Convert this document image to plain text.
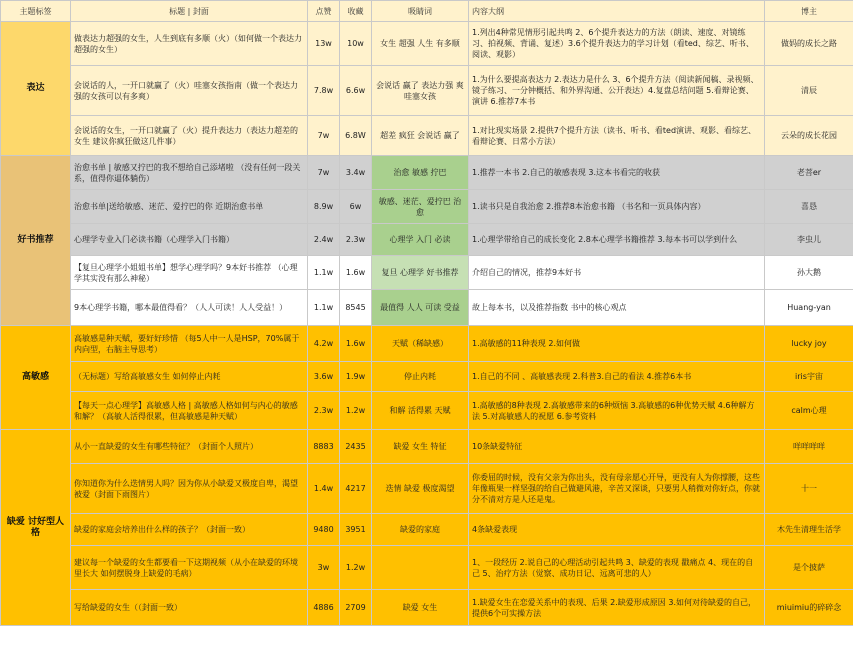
主题标签	标题 | 封面	点赞	收藏	吸睛词	内容大纲	博主
表达	做表达力超强的女生，人生到底有多顺（火）（如何做一个表达力超强的女生）	13w	10w	女生 超强 人生 有多顺	1.列出4种常见情形引起共鸣 2、6个提升表达力的方法（朗读、速度、对镜练习、拍视频、背诵、复述）3.6个提升表达力的学习计划（看ted、综艺、听书、阅读、观影）	做妈的成长之路
	会说话的人，一开口就赢了（火）哇塞女孩指南（做一个表达力强的女孩可以有多爽）	7.8w	6.6w	会说话 赢了 表达力强 爽 哇塞女孩	1.为什么要提高表达力 2.表达力是什么 3、6个提升方法（阅读新闻稿、录视频、镜子练习、一分钟概括、和外界沟通、公开表达）4.复盘总结问题 5.看辩论赛、演讲 6.推荐7本书	清辰
	会说话的女生，一开口就赢了（火）提升表达力（表达力超差的女生 建议你疯狂做这几件事）	7w	6.8W	超差 疯狂 会说话 赢了	1.对比现实场景 2.提供7个提升方法（读书、听书、看ted演讲、观影、看综艺、看辩论赛、日常小方法）	云朵的成长花园
好书推荐	治愈书单 | 敏感又拧巴的我不想给自己添堵啦 （没有任何一段关系，值得你逼体躺伤）	7w	3.4w	治愈 敏感 拧巴	1.推荐一本书 2.自己的敏感表现 3.这本书看完的收获	老菩er
	治愈书单|送给敏感、迷茫、爱拧巴的你 近期治愈书单	8.9w	6w	敏感、迷茫、爱拧巴 治愈	1.读书只是自我治愈 2.推荐8本治愈书籍 （书名和一页具体内容）	喜恳
	心理学专业入门必读书籍（心理学入门书籍）	2.4w	2.3w	心理学 入门 必读	1.心理学带给自己的成长变化 2.8本心理学书籍推荐 3.每本书可以学到什么	李虫儿
	【复旦心理学小姐姐书单】想学心理学吗？9本好书推荐 （心理学其实没有那么神秘）	1.1w	1.6w	复旦 心理学 好书推荐	介绍自己的情况，推荐9本好书	孙大鹅
	9本心理学书籍，哪本最值得看？（人人可读！人人受益！）	1.1w	8545	最值得 人人 可读 受益	故上每本书，以及推荐指数 书中的核心观点	Huang-yan
高敏感	高敏感是种天赋，要好好珍惜 （每5人中一人是HSP，70%属于内向型，右脑主导思考）	4.2w	1.6w	天赋（稀缺感）	1.高敏感的11种表现 2.如何做	lucky joy
	（无标题）写给高敏感女生 如何停止内耗	3.6w	1.9w	停止内耗	1.自己的不同 、高敏感表现 2.科普3.自己的看法 4.推荐6本书	iris宇宙
	【每天一点心理学】高敏感人格 | 高敏感人格如何与内心的敏感和解？（高敏人活得很累，但高敏感是种天赋）	2.3w	1.2w	和解 活得累 天赋	1.高敏感的8种表现 2.高敏感带来的6种烦恼 3.高敏感的6种优势天赋 4.6种解方法 5.对高敏感人的祝愿 6.参考资料	calm心理
缺爱 讨好型人格	从小一直缺爱的女生有哪些特征？（封面个人照片）	8883	2435	缺爱 女生 特征	10条缺爱特征	咩咩咩咩
	你知道你为什么迭情男人吗？因为你从小缺爱又极度自卑，渴望被爱（封面下雨图片）	1.4w	4217	迭情 缺爱 极度渴望	你委屈的时候，没有父亲为你出头，没有母亲愿心开导，更没有人为你撑腰，这些年像瓶果一样坚强的给自己做避风港，辛苦又深谈，只要男人稍微对你好点，你就分不清对方是人还是鬼。	十一
	缺爱的家庭会培养出什么样的孩子？（封面一致）	9480	3951	缺爱的家庭	4条缺爱表现	木先生清理生活学
	建议每一个缺爱的女生都要看一下这期视频（从小在缺爱的环境里长大 如何摆脱身上缺爱的毛病）	3w	1.2w		1、一段经历 2.说自己的心理活动引起共鸣 3、缺爱的表现 戳痛点 4、现在的自己 5、治疗方法（觉察、成功日记、远离可悲的人）	是个披萨
	写给缺爱的女生（（封面一致）	4886	2709	缺爱 女生	1.缺爱女生在恋爱关系中的表现、后果 2.缺爱形成原因 3.如何对待缺爱的自己，提供6个可实操方法	miuimiu的碎碎念
